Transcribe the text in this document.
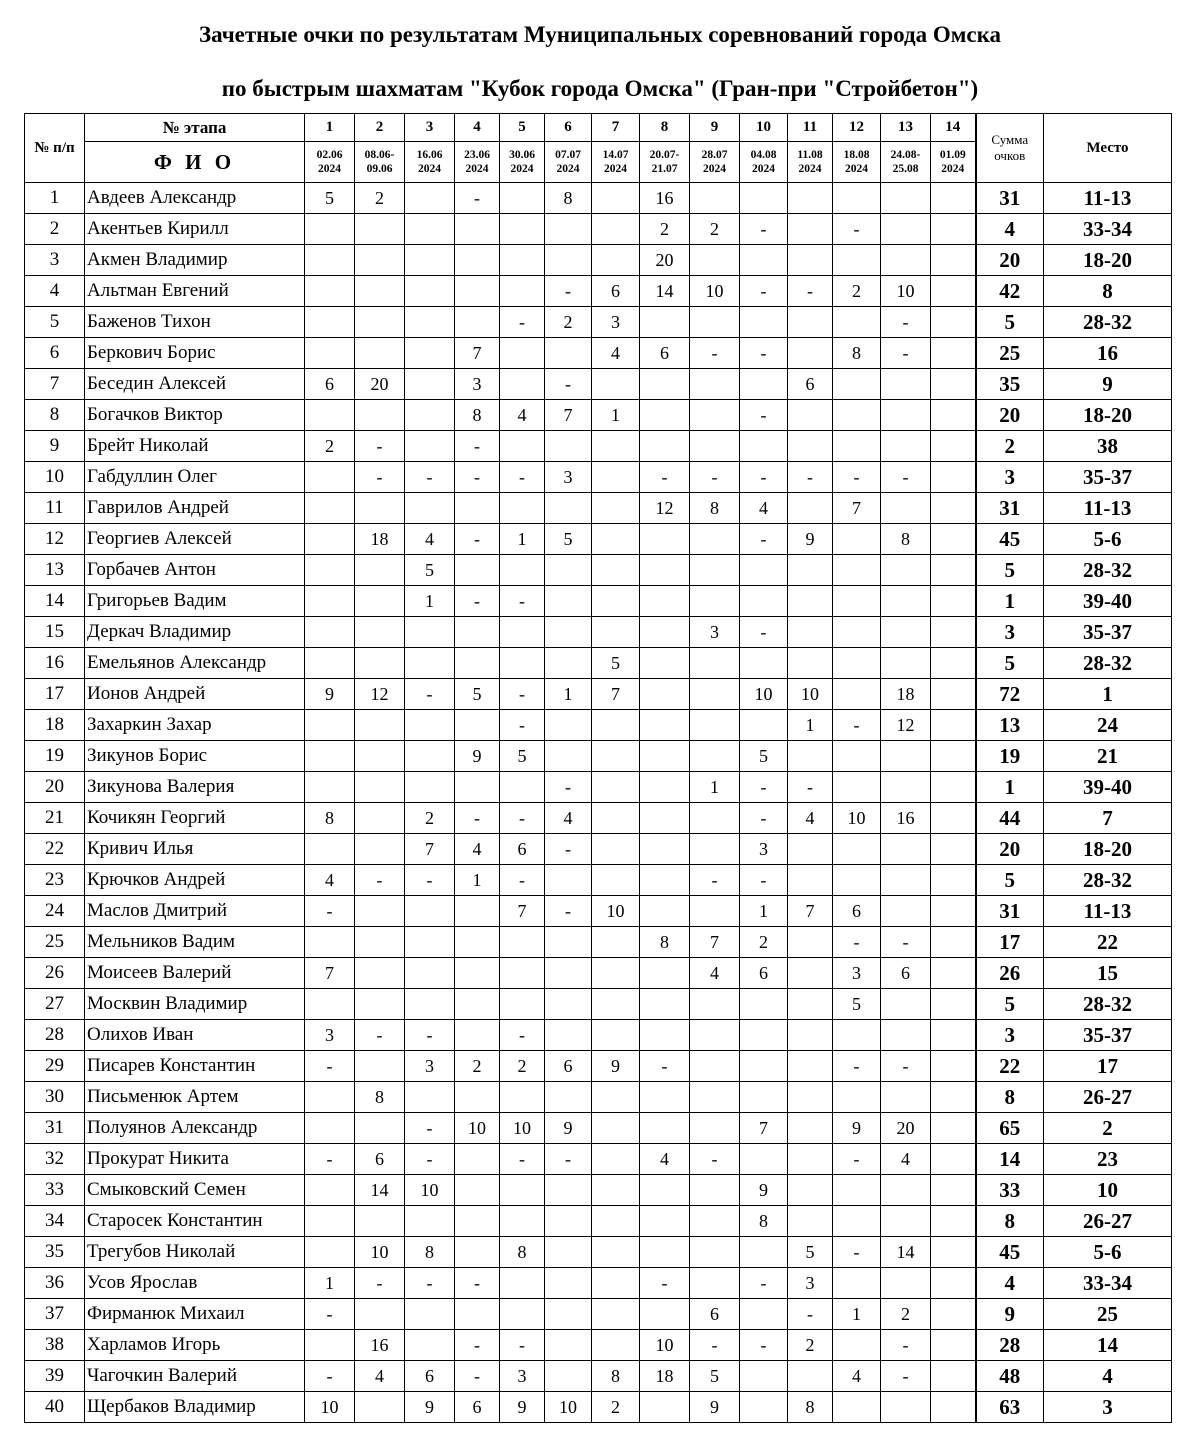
Зачетные очки по результатам Муниципальных соревнований города Омска
по быстрым шахматам "Кубок города Омска" (Гран-при "Стройбетон")
№ п/п	№ этапа	1	2	3	4	5	6	7	8	9	10	11	12	13	14	Сумма очков	Место
	Ф И О	02.06 2024	08.06- 09.06	16.06 2024	23.06 2024	30.06 2024	07.07 2024	14.07 2024	20.07- 21.07	28.07 2024	04.08 2024	11.08 2024	18.08 2024	24.08- 25.08	01.09 2024		
1	Авдеев Александр	5	2		-		8		16							31	11-13
2	Акентьев Кирилл								2	2	-		-			4	33-34
3	Акмен Владимир								20							20	18-20
4	Альтман Евгений						-	6	14	10	-	-	2	10		42	8
5	Баженов Тихон					-	2	3						-		5	28-32
6	Беркович Борис				7			4	6	-	-		8	-		25	16
7	Беседин Алексей	6	20		3		-					6				35	9
8	Богачков Виктор				8	4	7	1			-					20	18-20
9	Брейт Николай	2	-		-											2	38
10	Габдуллин Олег		-	-	-	-	3		-	-	-	-	-	-		3	35-37
11	Гаврилов Андрей								12	8	4		7			31	11-13
12	Георгиев Алексей		18	4	-	1	5				-	9		8		45	5-6
13	Горбачев Антон			5												5	28-32
14	Григорьев Вадим			1	-	-										1	39-40
15	Деркач Владимир									3	-					3	35-37
16	Емельянов Александр							5								5	28-32
17	Ионов Андрей	9	12	-	5	-	1	7			10	10		18		72	1
18	Захаркин Захар					-						1	-	12		13	24
19	Зикунов Борис				9	5					5					19	21
20	Зикунова Валерия						-			1	-	-				1	39-40
21	Кочикян Георгий	8		2	-	-	4				-	4	10	16		44	7
22	Кривич Илья			7	4	6	-				3					20	18-20
23	Крючков Андрей	4	-	-	1	-				-	-					5	28-32
24	Маслов Дмитрий	-				7	-	10			1	7	6			31	11-13
25	Мельников Вадим								8	7	2		-	-		17	22
26	Моисеев Валерий	7								4	6		3	6		26	15
27	Москвин Владимир												5			5	28-32
28	Олихов Иван	3	-	-		-										3	35-37
29	Писарев Константин	-		3	2	2	6	9	-				-	-		22	17
30	Письменюк Артем		8													8	26-27
31	Полуянов Александр			-	10	10	9				7		9	20		65	2
32	Прокурат Никита	-	6	-		-	-		4	-			-	4		14	23
33	Смыковский Семен		14	10							9					33	10
34	Старосек Константин										8					8	26-27
35	Трегубов Николай		10	8		8						5	-	14		45	5-6
36	Усов Ярослав	1	-	-	-				-		-	3				4	33-34
37	Фирманюк Михаил	-								6		-	1	2		9	25
38	Харламов Игорь		16		-	-			10	-	-	2		-		28	14
39	Чагочкин Валерий	-	4	6	-	3		8	18	5			4	-		48	4
40	Щербаков Владимир	10		9	6	9	10	2		9		8				63	3
